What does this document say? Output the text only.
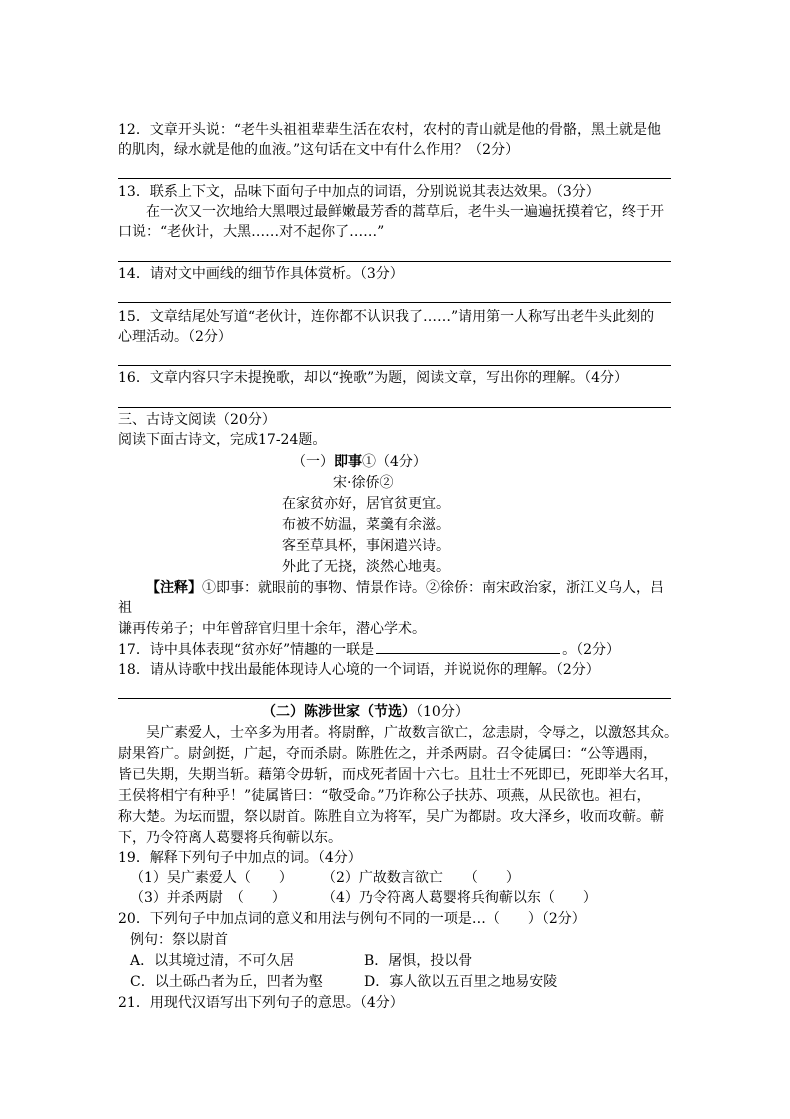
12．文章开头说：“老牛头祖祖辈辈生活在农村，农村的青山就是他的骨骼，黑土就是他
的肌肉，绿水就是他的血液。”这句话在文中有什么作用？（2分）
13．联系上下文，品味下面句子中加点的词语，分别说说其表达效果。（3分）
在一次又一次地给大黑喂过最鲜嫩最芳香的蒿草后，老牛头一遍遍抚摸着它，终于开
口说：“老伙计，大黑……对不起你了……”
14．请对文中画线的细节作具体赏析。（3分）
15．文章结尾处写道“老伙计，连你都不认识我了……”请用第一人称写出老牛头此刻的
心理活动。（2分）
16．文章内容只字未提挽歌，却以“挽歌”为题，阅读文章，写出你的理解。（4分）
三、古诗文阅读（20分）
阅读下面古诗文，完成17-24题。
（一）即事①（4分）
宋·徐侨②
在家贫亦好，居官贫更宜。
布被不妨温，菜羹有余滋。
客至草具杯，事闲遣兴诗。
外此了无挠，淡然心地夷。
【注释】①即事：就眼前的事物、情景作诗。②徐侨：南宋政治家，浙江义乌人，吕
祖
谦再传弟子；中年曾辞官归里十余年，潜心学术。
17．诗中具体表现“贫亦好”情趣的一联是	。（2分）
18．请从诗歌中找出最能体现诗人心境的一个词语，并说说你的理解。（2分）
（二）陈涉世家（节选）（10分）
吴广素爱人，士卒多为用者。将尉醉，广故数言欲亡，忿恚尉，令辱之，以激怒其众。
尉果笞广。尉剑挺，广起，夺而杀尉。陈胜佐之，并杀两尉。召令徒属曰：“公等遇雨，
皆已失期，失期当斩。藉第令毋斩，而戍死者固十六七。且壮士不死即已，死即举大名耳，
王侯将相宁有种乎！”徒属皆曰：“敬受命。”乃诈称公子扶苏、项燕，从民欲也。袒右，
称大楚。为坛而盟，祭以尉首。陈胜自立为将军，吴广为都尉。攻大泽乡，收而攻蕲。蕲
下，乃令符离人葛婴将兵徇蕲以东。
19．解释下列句子中加点的词。（4分）
（1）吴广素爱人（　　） （2）广故数言欲亡　　（　　）
（3）并杀两尉　（　　）	（4）乃令符离人葛婴将兵徇蕲以东（　　）
20．下列句子中加点词的意义和用法与例句不同的一项是…（　　）（2分）
例句：祭以尉首
A．以其境过清，不可久居	B．屠惧，投以骨
C．以土砾凸者为丘，凹者为壑	D．寡人欲以五百里之地易安陵
21．用现代汉语写出下列句子的意思。（4分）
